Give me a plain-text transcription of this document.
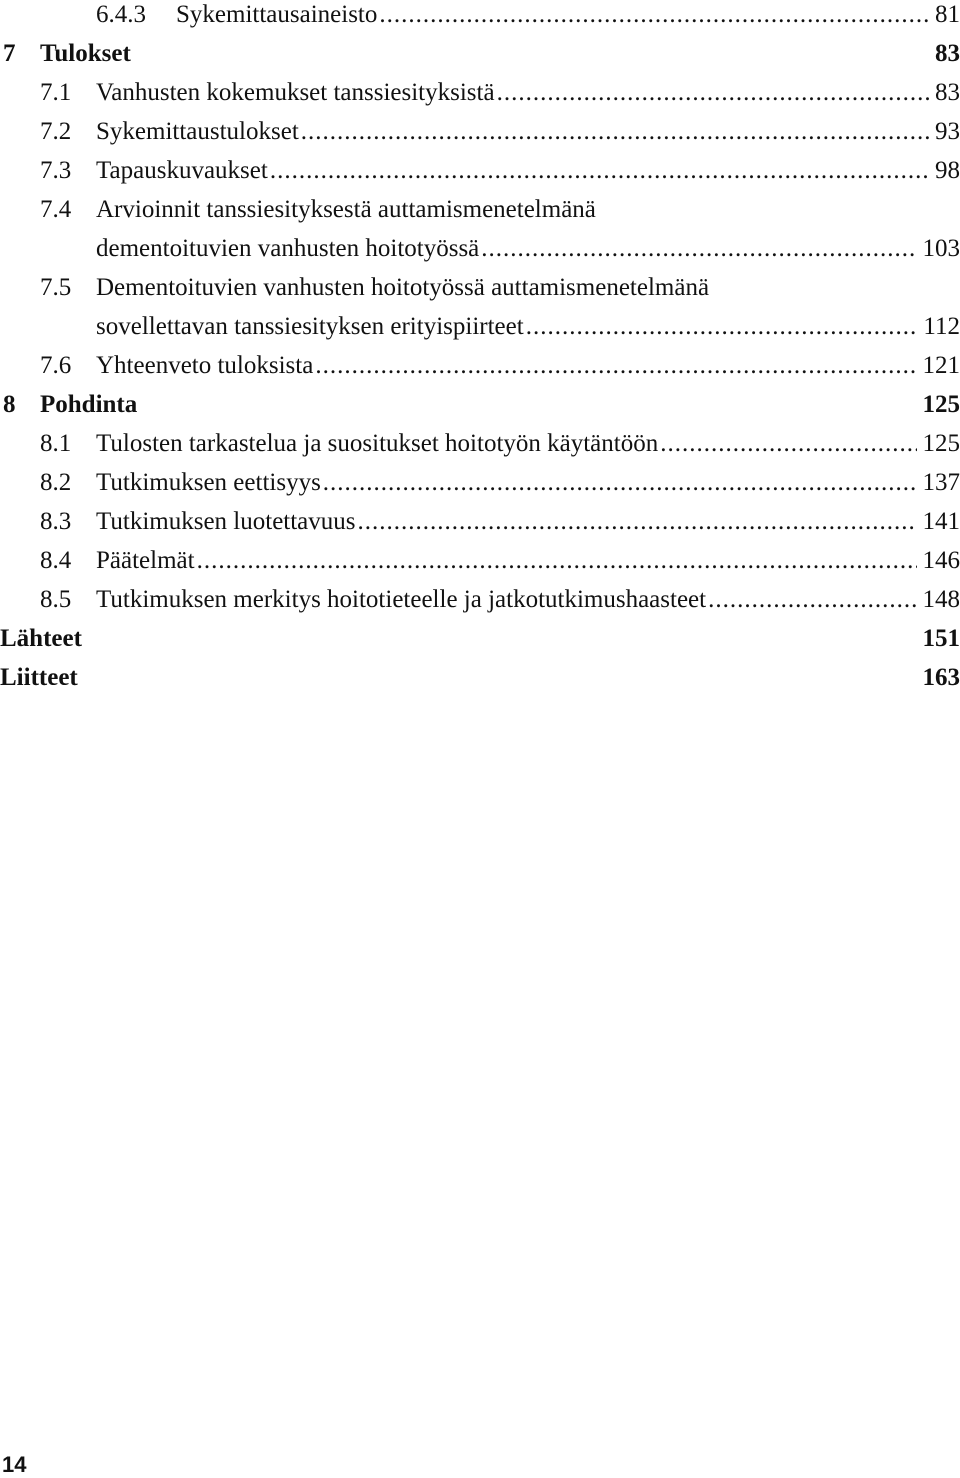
6.4.3 Sykemittausaineisto .....	81
7 Tulokset	83
7.1 Vanhusten kokemukset tanssiesityksistä .....	83
7.2 Sykemittaustulokset .....	93
7.3 Tapauskuvaukset .....	98
7.4 Arvioinnit tanssiesityksestä auttamismenetelmänä
dementoituvien vanhusten hoitotyössä .....	103
7.5 Dementoituvien vanhusten hoitotyössä auttamismenetelmänä
sovellettavan tanssiesityksen erityispiirteet .....	112
7.6 Yhteenveto tuloksista .....	121
8 Pohdinta	125
8.1 Tulosten tarkastelua ja suositukset hoitotyön käytäntöön .....	125
8.2 Tutkimuksen eettisyys .....	137
8.3 Tutkimuksen luotettavuus .....	141
8.4 Päätelmät .....	146
8.5 Tutkimuksen merkitys hoitotieteelle ja jatkotutkimushaasteet .....	148
Lähteet	151
Liitteet	163
14
